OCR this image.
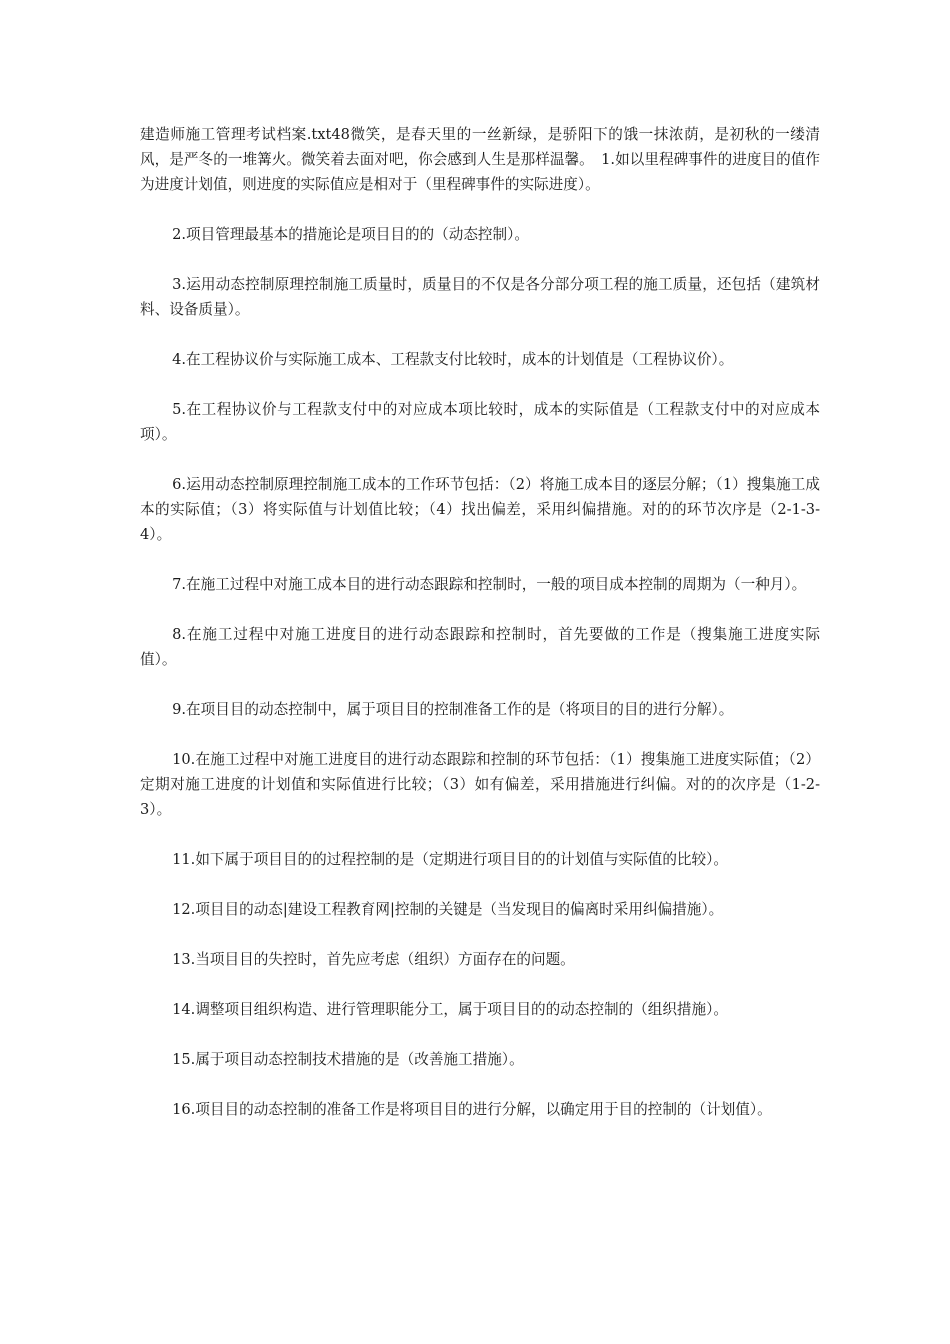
建造师施工管理考试档案.txt48微笑，是春天里的一丝新绿，是骄阳下的饿一抹浓荫，是初秋的一缕清风，是严冬的一堆篝火。微笑着去面对吧，你会感到人生是那样温馨。　1.如以里程碑事件的进度目的值作为进度计划值，则进度的实际值应是相对于（里程碑事件的实际进度）。

2.项目管理最基本的措施论是项目目的的（动态控制）。

3.运用动态控制原理控制施工质量时，质量目的不仅是各分部分项工程的施工质量，还包括（建筑材料、设备质量）。

4.在工程协议价与实际施工成本、工程款支付比较时，成本的计划值是（工程协议价）。

5.在工程协议价与工程款支付中的对应成本项比较时，成本的实际值是（工程款支付中的对应成本项）。

6.运用动态控制原理控制施工成本的工作环节包括：（2）将施工成本目的逐层分解；（1）搜集施工成本的实际值；（3）将实际值与计划值比较；（4）找出偏差，采用纠偏措施。对的的环节次序是（2-1-3-4）。

7.在施工过程中对施工成本目的进行动态跟踪和控制时，一般的项目成本控制的周期为（一种月）。

8.在施工过程中对施工进度目的进行动态跟踪和控制时，首先要做的工作是（搜集施工进度实际值）。

9.在项目目的动态控制中，属于项目目的控制准备工作的是（将项目的目的进行分解）。

10.在施工过程中对施工进度目的进行动态跟踪和控制的环节包括：（1）搜集施工进度实际值；（2）定期对施工进度的计划值和实际值进行比较；（3）如有偏差，采用措施进行纠偏。对的的次序是（1-2-3）。

11.如下属于项目目的的过程控制的是（定期进行项目目的的计划值与实际值的比较）。

12.项目目的动态|建设工程教育网|控制的关键是（当发现目的偏离时采用纠偏措施）。

13.当项目目的失控时，首先应考虑（组织）方面存在的问题。

14.调整项目组织构造、进行管理职能分工，属于项目目的的动态控制的（组织措施）。

15.属于项目动态控制技术措施的是（改善施工措施）。

16.项目目的动态控制的准备工作是将项目目的进行分解，以确定用于目的控制的（计划值）。
